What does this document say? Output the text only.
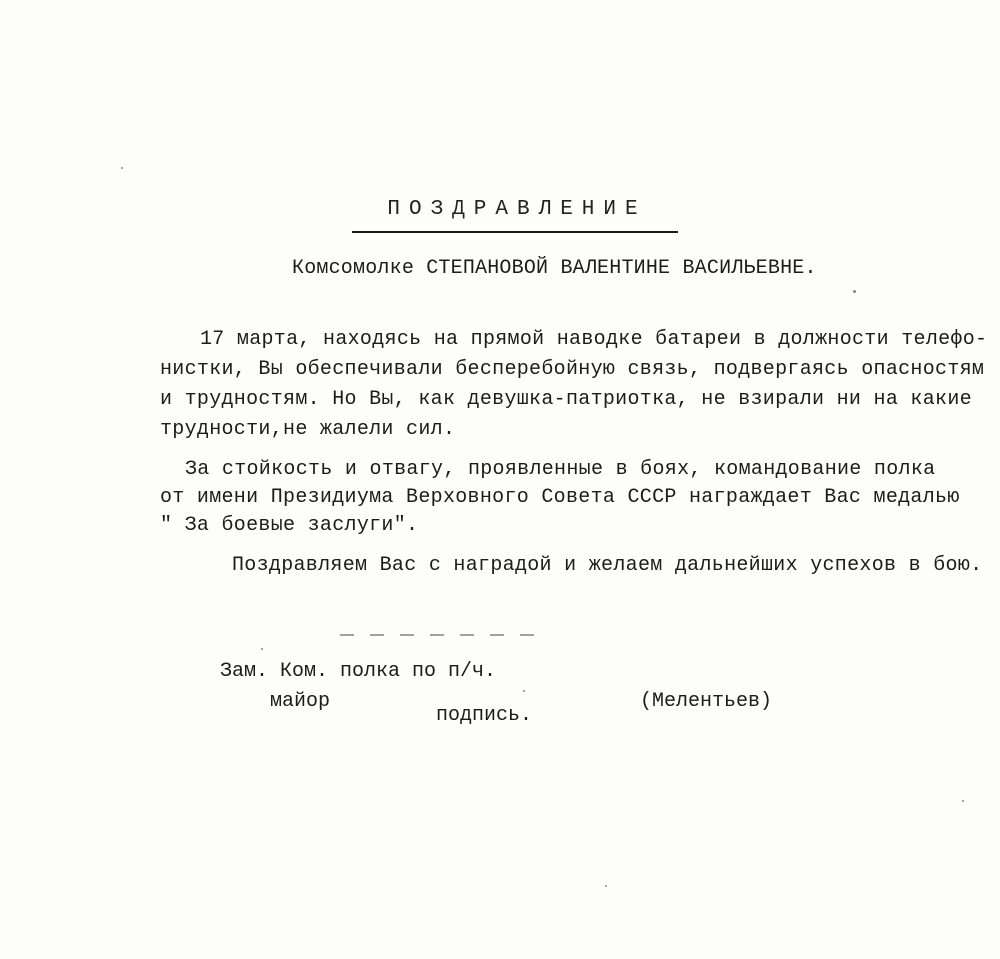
ПОЗДРАВЛЕНИЕ
Комсомолке СТЕПАНОВОЙ ВАЛЕНТИНЕ ВАСИЛЬЕВНЕ.
17 марта, находясь на прямой наводке батареи в должности телефо-
нистки, Вы обеспечивали бесперебойную связь, подвергаясь опасностям
и трудностям. Но Вы, как девушка-патриотка, не взирали ни на какие
трудности,не жалели сил.
За стойкость и отвагу, проявленные в боях, командование полка
от имени Президиума Верховного Совета СССР награждает Вас медалью
" За боевые заслуги".
Поздравляем Вас с наградой и желаем дальнейших успехов в бою.
Зам. Ком. полка по п/ч.
майор
подпись.
(Мелентьев)
